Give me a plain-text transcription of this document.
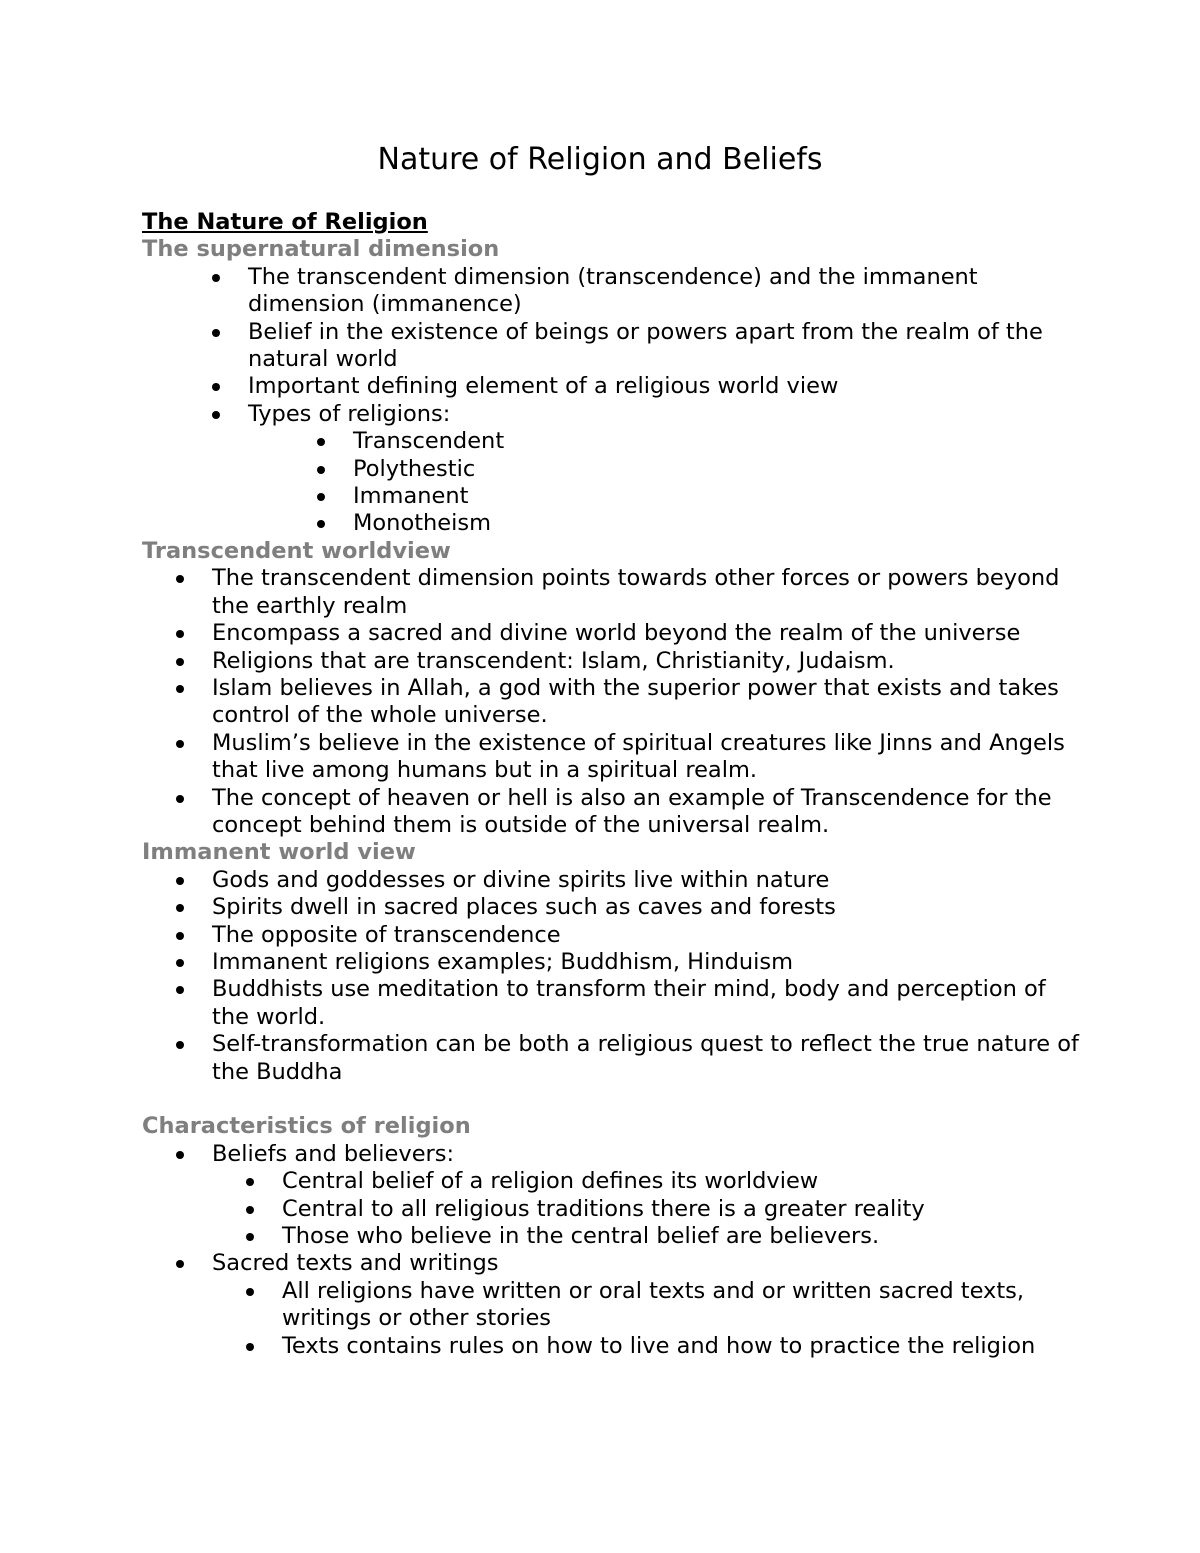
Nature of Religion and Beliefs
The Nature of Religion
The supernatural dimension
The transcendent dimension (transcendence) and the immanent dimension (immanence)
Belief in the existence of beings or powers apart from the realm of the natural world
Important defining element of a religious world view
Types of religions:
Transcendent
Polythestic
Immanent
Monotheism
Transcendent worldview
The transcendent dimension points towards other forces or powers beyond the earthly realm
Encompass a sacred and divine world beyond the realm of the universe
Religions that are transcendent: Islam, Christianity, Judaism.
Islam believes in Allah, a god with the superior power that exists and takes control of the whole universe.
Muslim’s believe in the existence of spiritual creatures like Jinns and Angels that live among humans but in a spiritual realm.
The concept of heaven or hell is also an example of Transcendence for the concept behind them is outside of the universal realm.
Immanent world view
Gods and goddesses or divine spirits live within nature
Spirits dwell in sacred places such as caves and forests
The opposite of transcendence
Immanent religions examples; Buddhism, Hinduism
Buddhists use meditation to transform their mind, body and perception of the world.
Self-transformation can be both a religious quest to reflect the true nature of the Buddha
Characteristics of religion
Beliefs and believers:
Central belief of a religion defines its worldview
Central to all religious traditions there is a greater reality
Those who believe in the central belief are believers.
Sacred texts and writings
All religions have written or oral texts and or written sacred texts, writings or other stories
Texts contains rules on how to live and how to practice the religion
